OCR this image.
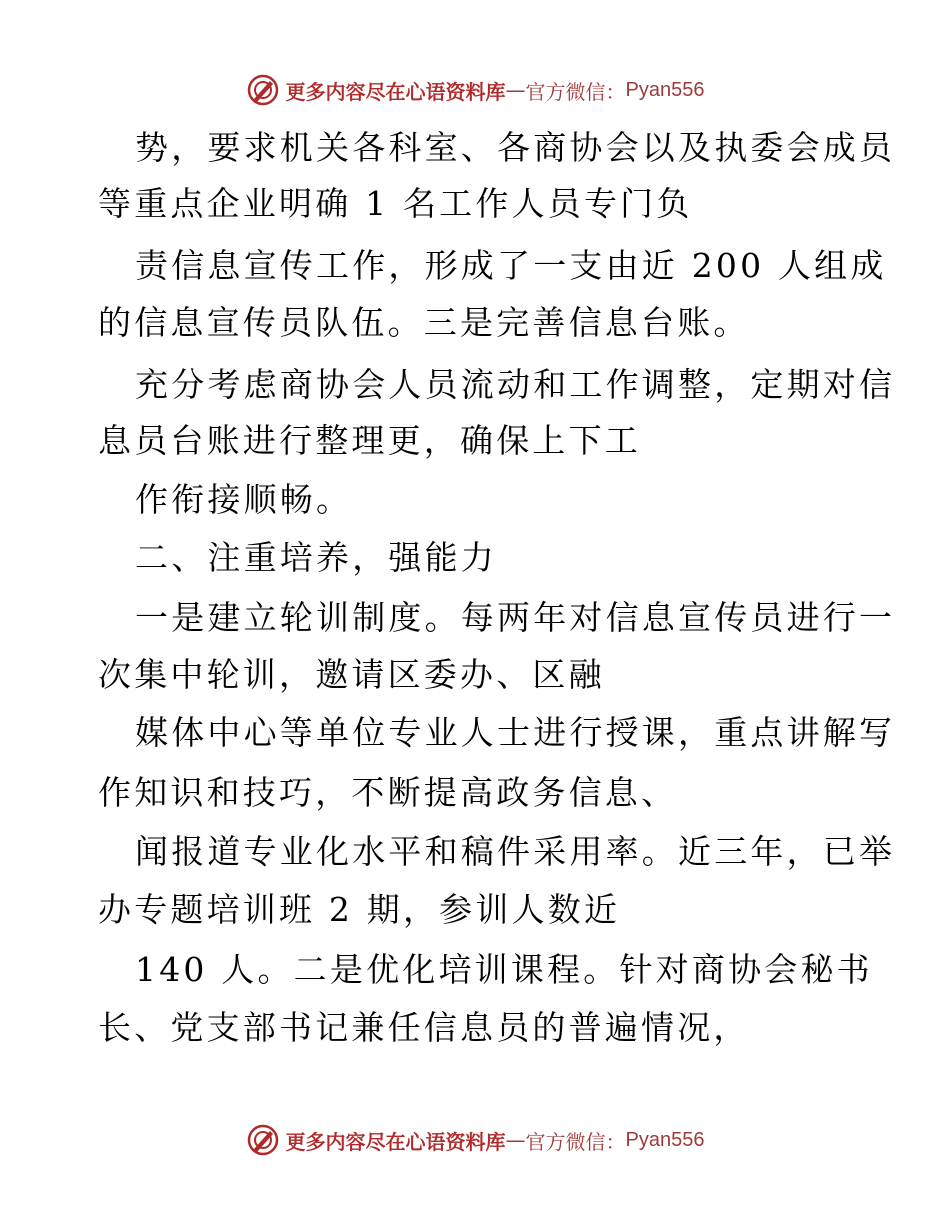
更多内容尽在心语资料库 — 官方微信： Pyan556
势，要求机关各科室、各商协会以及执委会成员
等重点企业明确 1 名工作人员专门负
责信息宣传工作，形成了一支由近 200 人组成
的信息宣传员队伍。三是完善信息台账。
充分考虑商协会人员流动和工作调整，定期对信
息员台账进行整理更，确保上下工
作衔接顺畅。
二、注重培养，强能力
一是建立轮训制度。每两年对信息宣传员进行一
次集中轮训，邀请区委办、区融
媒体中心等单位专业人士进行授课，重点讲解写
作知识和技巧，不断提高政务信息、
闻报道专业化水平和稿件采用率。近三年，已举
办专题培训班 2 期，参训人数近
140 人。二是优化培训课程。针对商协会秘书
长、党支部书记兼任信息员的普遍情况，
更多内容尽在心语资料库 — 官方微信： Pyan556
